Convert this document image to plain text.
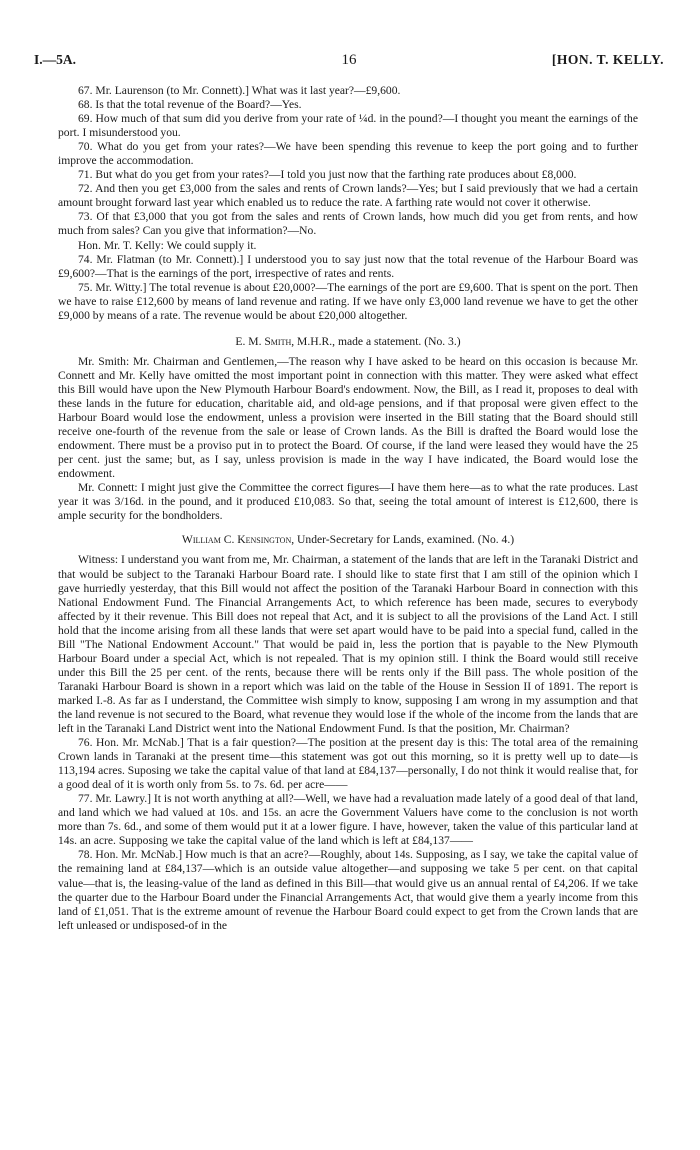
I.—5A.	16	[HON. T. KELLY.

67. Mr. Laurenson (to Mr. Connett).] What was it last year?—£9,600.

68. Is that the total revenue of the Board?—Yes.

69. How much of that sum did you derive from your rate of ¼d. in the pound?—I thought you meant the earnings of the port. I misunderstood you.

70. What do you get from your rates?—We have been spending this revenue to keep the port going and to further improve the accommodation.

71. But what do you get from your rates?—I told you just now that the farthing rate produces about £8,000.

72. And then you get £3,000 from the sales and rents of Crown lands?—Yes; but I said previously that we had a certain amount brought forward last year which enabled us to reduce the rate. A farthing rate would not cover it otherwise.

73. Of that £3,000 that you got from the sales and rents of Crown lands, how much did you get from rents, and how much from sales? Can you give that information?—No.

Hon. Mr. T. Kelly: We could supply it.

74. Mr. Flatman (to Mr. Connett).] I understood you to say just now that the total revenue of the Harbour Board was £9,600?—That is the earnings of the port, irrespective of rates and rents.

75. Mr. Witty.] The total revenue is about £20,000?—The earnings of the port are £9,600. That is spent on the port. Then we have to raise £12,600 by means of land revenue and rating. If we have only £3,000 land revenue we have to get the other £9,000 by means of a rate. The revenue would be about £20,000 altogether.

E. M. Smith, M.H.R., made a statement. (No. 3.)

Mr. Smith: Mr. Chairman and Gentlemen,—The reason why I have asked to be heard on this occasion is because Mr. Connett and Mr. Kelly have omitted the most important point in connection with this matter. They were asked what effect this Bill would have upon the New Plymouth Harbour Board's endowment. Now, the Bill, as I read it, proposes to deal with these lands in the future for education, charitable aid, and old-age pensions, and if that proposal were given effect to the Harbour Board would lose the endowment, unless a provision were inserted in the Bill stating that the Board should still receive one-fourth of the revenue from the sale or lease of Crown lands. As the Bill is drafted the Board would lose the endowment. There must be a proviso put in to protect the Board. Of course, if the land were leased they would have the 25 per cent. just the same; but, as I say, unless provision is made in the way I have indicated, the Board would lose the endowment.

Mr. Connett: I might just give the Committee the correct figures—I have them here—as to what the rate produces. Last year it was 3/16d. in the pound, and it produced £10,083. So that, seeing the total amount of interest is £12,600, there is ample security for the bondholders.

William C. Kensington, Under-Secretary for Lands, examined. (No. 4.)

Witness: I understand you want from me, Mr. Chairman, a statement of the lands that are left in the Taranaki District and that would be subject to the Taranaki Harbour Board rate. I should like to state first that I am still of the opinion which I gave hurriedly yesterday, that this Bill would not affect the position of the Taranaki Harbour Board in connection with this National Endowment Fund. The Financial Arrangements Act, to which reference has been made, secures to everybody affected by it their revenue. This Bill does not repeal that Act, and it is subject to all the provisions of the Land Act. I still hold that the income arising from all these lands that were set apart would have to be paid into a special fund, called in the Bill "The National Endowment Account." That would be paid in, less the portion that is payable to the New Plymouth Harbour Board under a special Act, which is not repealed. That is my opinion still. I think the Board would still receive under this Bill the 25 per cent. of the rents, because there will be rents only if the Bill pass. The whole position of the Taranaki Harbour Board is shown in a report which was laid on the table of the House in Session II of 1891. The report is marked I.-8. As far as I understand, the Committee wish simply to know, supposing I am wrong in my assumption and that the land revenue is not secured to the Board, what revenue they would lose if the whole of the income from the lands that are left in the Taranaki Land District went into the National Endowment Fund. Is that the position, Mr. Chairman?

76. Hon. Mr. McNab.] That is a fair question?—The position at the present day is this: The total area of the remaining Crown lands in Taranaki at the present time—this statement was got out this morning, so it is pretty well up to date—is 113,194 acres. Suposing we take the capital value of that land at £84,137—personally, I do not think it would realise that, for a good deal of it is worth only from 5s. to 7s. 6d. per acre——

77. Mr. Lawry.] It is not worth anything at all?—Well, we have had a revaluation made lately of a good deal of that land, and land which we had valued at 10s. and 15s. an acre the Government Valuers have come to the conclusion is not worth more than 7s. 6d., and some of them would put it at a lower figure. I have, however, taken the value of this particular land at 14s. an acre. Supposing we take the capital value of the land which is left at £84,137——

78. Hon. Mr. McNab.] How much is that an acre?—Roughly, about 14s. Supposing, as I say, we take the capital value of the remaining land at £84,137—which is an outside value altogether—and supposing we take 5 per cent. on that capital value—that is, the leasing-value of the land as defined in this Bill—that would give us an annual rental of £4,206. If we take the quarter due to the Harbour Board under the Financial Arrangements Act, that would give them a yearly income from this land of £1,051. That is the extreme amount of revenue the Harbour Board could expect to get from the Crown lands that are left unleased or undisposed-of in the
